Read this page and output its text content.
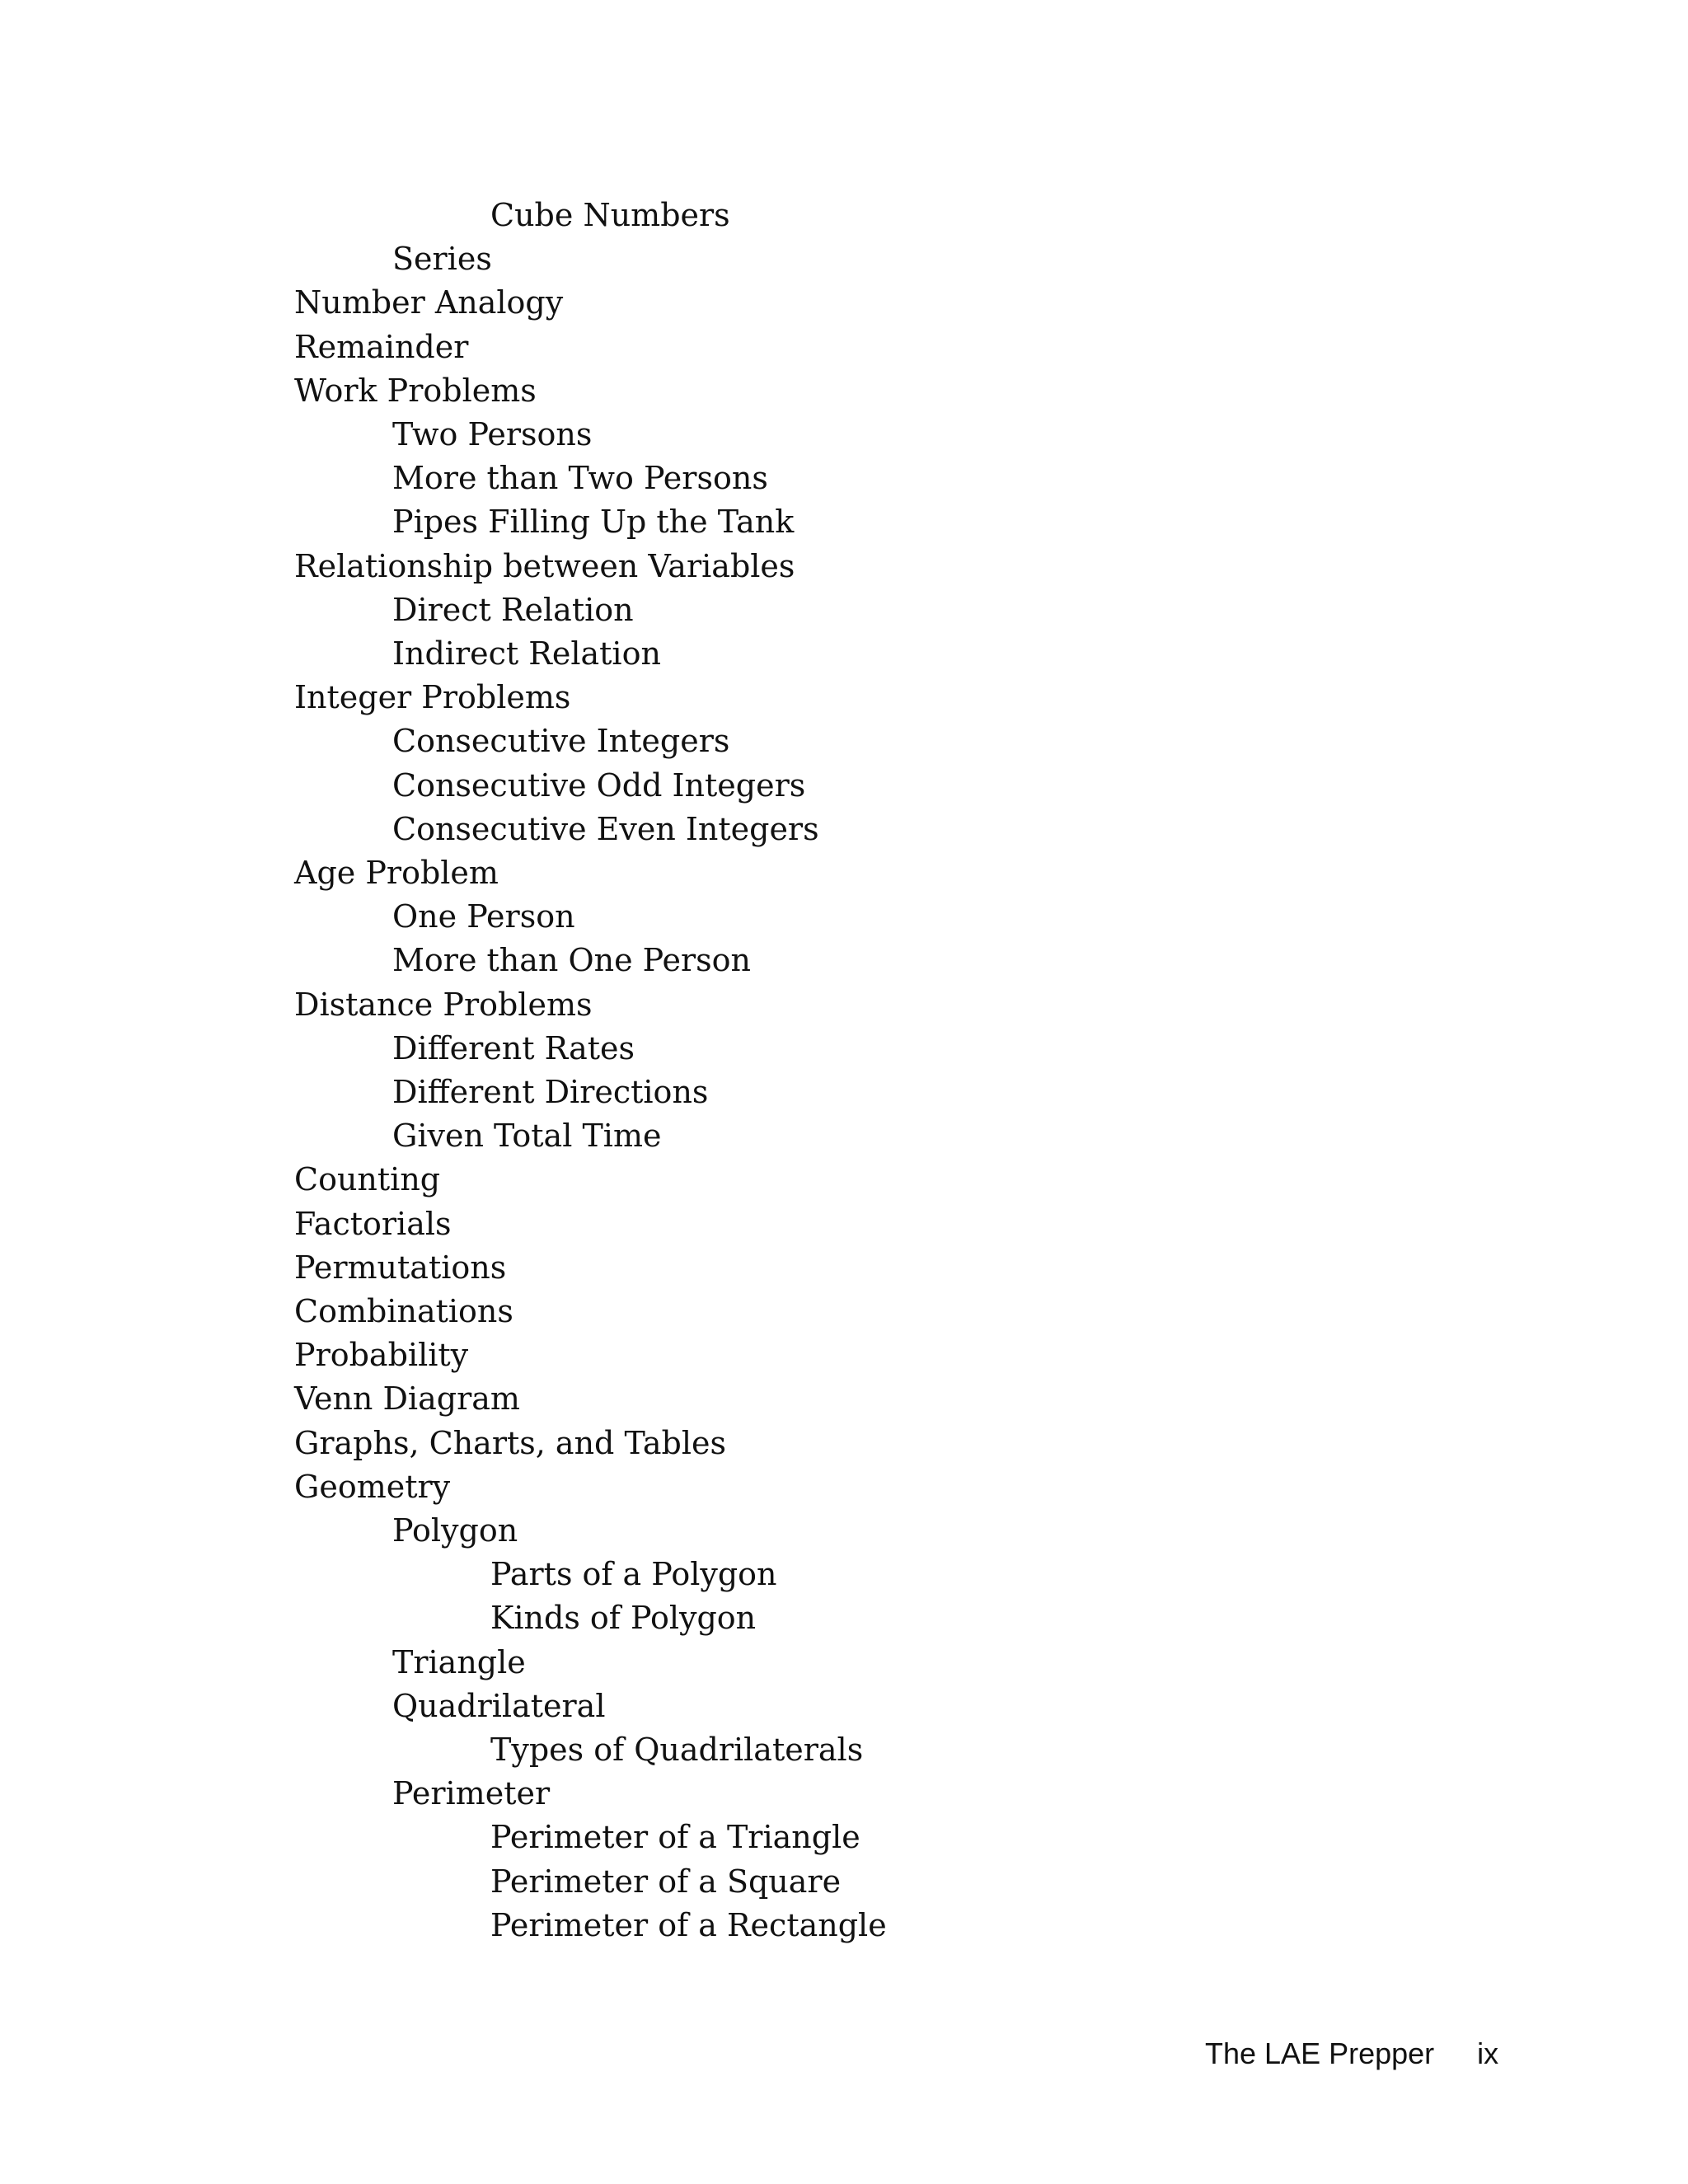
Cube Numbers
Series
Number Analogy
Remainder
Work Problems
Two Persons
More than Two Persons
Pipes Filling Up the Tank
Relationship between Variables
Direct Relation
Indirect Relation
Integer Problems
Consecutive Integers
Consecutive Odd Integers
Consecutive Even Integers
Age Problem
One Person
More than One Person
Distance Problems
Different Rates
Different Directions
Given Total Time
Counting
Factorials
Permutations
Combinations
Probability
Venn Diagram
Graphs, Charts, and Tables
Geometry
Polygon
Parts of a Polygon
Kinds of Polygon
Triangle
Quadrilateral
Types of Quadrilaterals
Perimeter
Perimeter of a Triangle
Perimeter of a Square
Perimeter of a Rectangle
The LAE Prepper ix
